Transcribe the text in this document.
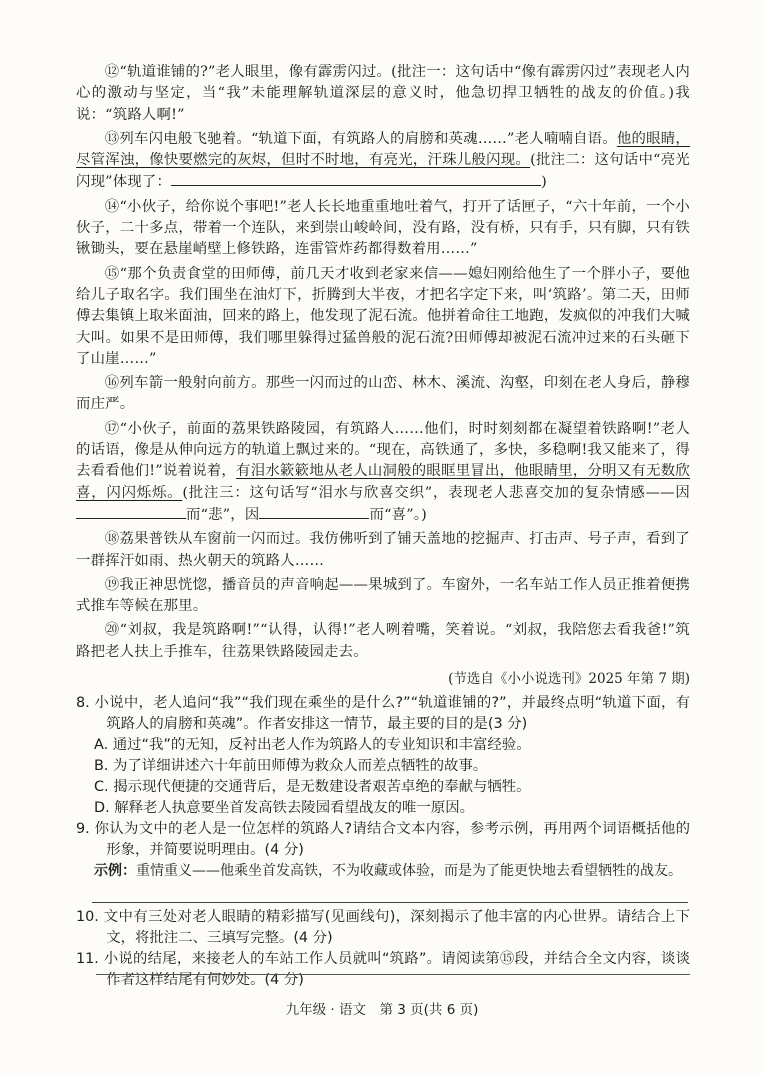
⑫“轨道谁铺的?”老人眼里，像有霹雳闪过。(批注一：这句话中“像有霹雳闪过”表现老人内心的激动与坚定，当“我”未能理解轨道深层的意义时，他急切捍卫牺牲的战友的价值。)我说：“筑路人啊!”

⑬列车闪电般飞驰着。“轨道下面，有筑路人的肩膀和英魂……”老人喃喃自语。他的眼睛，尽管浑浊，像快要燃完的灰烬，但时不时地，有亮光，汗珠儿般闪现。(批注二：这句话中“亮光闪现”体现了：	)

⑭“小伙子，给你说个事吧!”老人长长地重重地吐着气，打开了话匣子，“六十年前，一个小伙子，二十多点，带着一个连队，来到崇山峻岭间，没有路，没有桥，只有手，只有脚，只有铁锹锄头，要在悬崖峭壁上修铁路，连雷管炸药都得数着用……”

⑮“那个负责食堂的田师傅，前几天才收到老家来信——媳妇刚给他生了一个胖小子，要他给儿子取名字。我们围坐在油灯下，折腾到大半夜，才把名字定下来，叫‘筑路’。第二天，田师傅去集镇上取米面油，回来的路上，他发现了泥石流。他拼着命往工地跑，发疯似的冲我们大喊大叫。如果不是田师傅，我们哪里躲得过猛兽般的泥石流?田师傅却被泥石流冲过来的石头砸下了山崖……”

⑯列车箭一般射向前方。那些一闪而过的山峦、林木、溪流、沟壑，印刻在老人身后，静穆而庄严。

⑰“小伙子，前面的荔果铁路陵园，有筑路人……他们，时时刻刻都在凝望着铁路啊!”老人的话语，像是从伸向远方的轨道上飘过来的。“现在，高铁通了，多快，多稳啊!我又能来了，得去看看他们!”说着说着，有泪水簌簌地从老人山洞般的眼眶里冒出，他眼睛里，分明又有无数欣喜，闪闪烁烁。(批注三：这句话写“泪水与欣喜交织”，表现老人悲喜交加的复杂情感——因而“悲”，因	而“喜”。)

⑱荔果普铁从车窗前一闪而过。我仿佛听到了铺天盖地的挖掘声、打击声、号子声，看到了一群挥汗如雨、热火朝天的筑路人……

⑲我正神思恍惚，播音员的声音响起——果城到了。车窗外，一名车站工作人员正推着便携式推车等候在那里。

⑳“刘叔，我是筑路啊!”“认得，认得!”老人咧着嘴，笑着说。“刘叔，我陪您去看我爸!”筑路把老人扶上手推车，往荔果铁路陵园走去。

(节选自《小小说选刊》2025 年第 7 期)

8. 小说中，老人追问“我”“我们现在乘坐的是什么?”“轨道谁铺的?”，并最终点明“轨道下面，有筑路人的肩膀和英魂”。作者安排这一情节，最主要的目的是(3 分)

A. 通过“我”的无知，反衬出老人作为筑路人的专业知识和丰富经验。

B. 为了详细讲述六十年前田师傅为救众人而差点牺牲的故事。

C. 揭示现代便捷的交通背后，是无数建设者艰苦卓绝的奉献与牺牲。

D. 解释老人执意要坐首发高铁去陵园看望战友的唯一原因。

9. 你认为文中的老人是一位怎样的筑路人?请结合文本内容，参考示例，再用两个词语概括他的形象，并简要说明理由。(4 分)

示例：重情重义——他乘坐首发高铁，不为收藏或体验，而是为了能更快地去看望牺牲的战友。

10. 文中有三处对老人眼睛的精彩描写(见画线句)，深刻揭示了他丰富的内心世界。请结合上下文，将批注二、三填写完整。(4 分)

11. 小说的结尾，来接老人的车站工作人员就叫“筑路”。请阅读第⑮段，并结合全文内容，谈谈作者这样结尾有何妙处。(4 分)

九年级 · 语文　第 3 页(共 6 页)
